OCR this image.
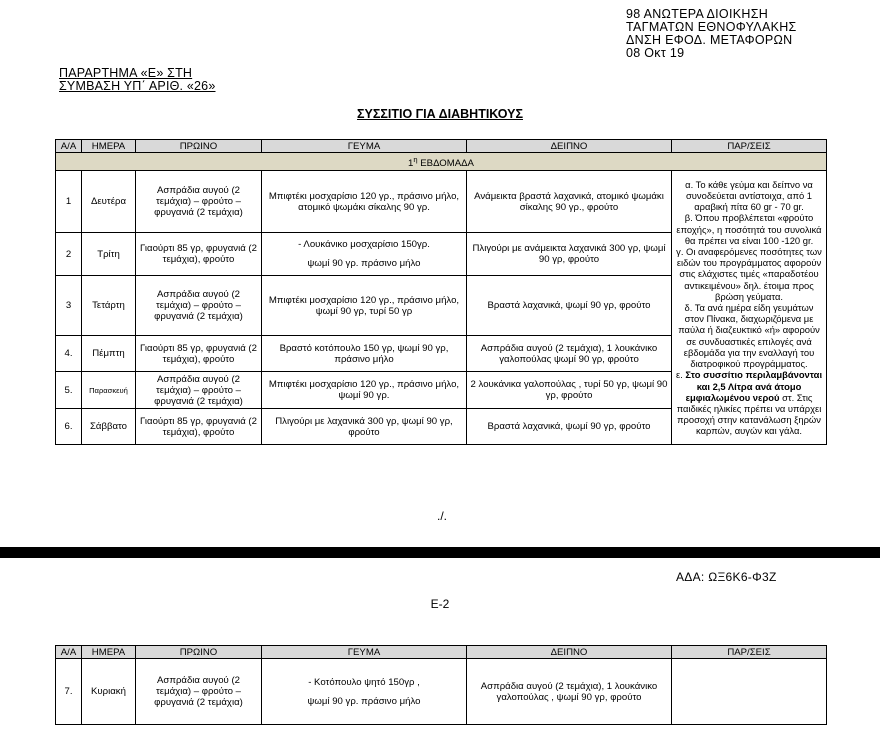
98 ΑΝΩΤΕΡΑ ΔΙΟΙΚΗΣΗ
ΤΑΓΜΑΤΩΝ ΕΘΝΟΦΥΛΑΚΗΣ
ΔΝΣΗ ΕΦΟΔ. ΜΕΤΑΦΟΡΩΝ
08 Οκτ 19
ΠΑΡΑΡΤΗΜΑ «Ε» ΣΤΗ
ΣΥΜΒΑΣΗ ΥΠ΄ ΑΡΙΘ. «26»
ΣΥΣΣΙΤΙΟ ΓΙΑ ΔΙΑΒΗΤΙΚΟΥΣ
Α/Α	ΗΜΕΡΑ	ΠΡΩΙΝΟ	ΓΕΥΜΑ	ΔΕΙΠΝΟ	ΠΑΡ/ΣΕΙΣ
$1^\eta$ ΕΒΔΟΜΑΔΑ					
1	Δευτέρα	Ασπράδια αυγού (2 τεμάχια) – φρούτο – φρυγανιά (2 τεμάχια)	Μπιφτέκι μοσχαρίσιο 120 γρ., πράσινο μήλο, ατομικό ψωμάκι σίκαλης 90 γρ.	Ανάμεικτα βραστά λαχανικά, ατομικό ψωμάκι σίκαλης 90 γρ., φρούτο	α. Το κάθε γεύμα και δείπνο να συνοδεύεται αντίστοιχα, από 1 αραβική πίτα 60 gr - 70 gr.

β. Όπου προβλέπεται «φρούτο εποχής», η ποσότητά του συνολικά θα πρέπει να είναι 100 -120 gr.

γ. Οι αναφερόμενες ποσότητες των ειδών του προγράμματος αφορούν στις ελάχιστες τιμές «παραδοτέου αντικειμένου» δηλ. έτοιμα προς βρώση γεύματα.

δ. Τα ανά ημέρα είδη γευμάτων στον Πίνακα, διαχωριζόμενα με παύλα ή διαζευκτικό «ή» αφορούν σε συνδυαστικές επιλογές ανά εβδομάδα για την εναλλαγή του διατροφικού προγράμματος.

ε. Στο συσσίτιο περιλαμβάνονται και 2,5 Λίτρα ανά άτομο εμφιαλωμένου νερού στ. Στις παιδικές ηλικίες πρέπει να υπάρχει προσοχή στην κατανάλωση ξηρών καρπών, αυγών και γάλα.

2	Τρίτη	Γιαούρτι 85 γρ, φρυγανιά (2 τεμάχια), φρούτο	- Λουκάνικο μοσχαρίσιο 150γρ.
ψωμί 90 γρ. πράσινο μήλο	Πλιγούρι με ανάμεικτα λαχανικά 300 γρ, ψωμί 90 γρ, φρούτο	
3	Τετάρτη	Ασπράδια αυγού (2 τεμάχια) – φρούτο – φρυγανιά (2 τεμάχια)	Μπιφτέκι μοσχαρίσιο 120 γρ., πράσινο μήλο, ψωμί 90 γρ, τυρί 50 γρ	Βραστά λαχανικά, ψωμί 90 γρ, φρούτο	
4.	Πέμπτη	Γιαούρτι 85 γρ, φρυγανιά (2 τεμάχια), φρούτο	Βραστό κοτόπουλο 150 γρ, ψωμί 90 γρ, πράσινο μήλο	Ασπράδια αυγού (2 τεμάχια), 1 λουκάνικο γαλοπούλας ψωμί 90 γρ, φρούτο	
5.	Παρασκευή	Ασπράδια αυγού (2 τεμάχια) – φρούτο – φρυγανιά (2 τεμάχια)	Μπιφτέκι μοσχαρίσιο 120 γρ., πράσινο μήλο, ψωμί 90 γρ.	2 λουκάνικα γαλοπούλας , τυρί 50 γρ, ψωμί 90 γρ, φρούτο	
6.	Σάββατο	Γιαούρτι 85 γρ, φρυγανιά (2 τεμάχια), φρούτο	Πλιγούρι με λαχανικά 300 γρ, ψωμί 90 γρ, φρούτο	Βραστά λαχανικά, ψωμί 90 γρ, φρούτο	
./.
ΑΔΑ: ΩΞ6Κ6-Φ3Ζ
Ε-2
Α/Α	ΗΜΕΡΑ	ΠΡΩΙΝΟ	ΓΕΥΜΑ	ΔΕΙΠΝΟ	ΠΑΡ/ΣΕΙΣ
7.	Κυριακή	Ασπράδια αυγού (2 τεμάχια) – φρούτο – φρυγανιά (2 τεμάχια)	- Κοτόπουλο ψητό 150γρ ,
ψωμί 90 γρ. πράσινο μήλο	Ασπράδια αυγού (2 τεμάχια), 1 λουκάνικο γαλοπούλας , ψωμί 90 γρ, φρούτο	
